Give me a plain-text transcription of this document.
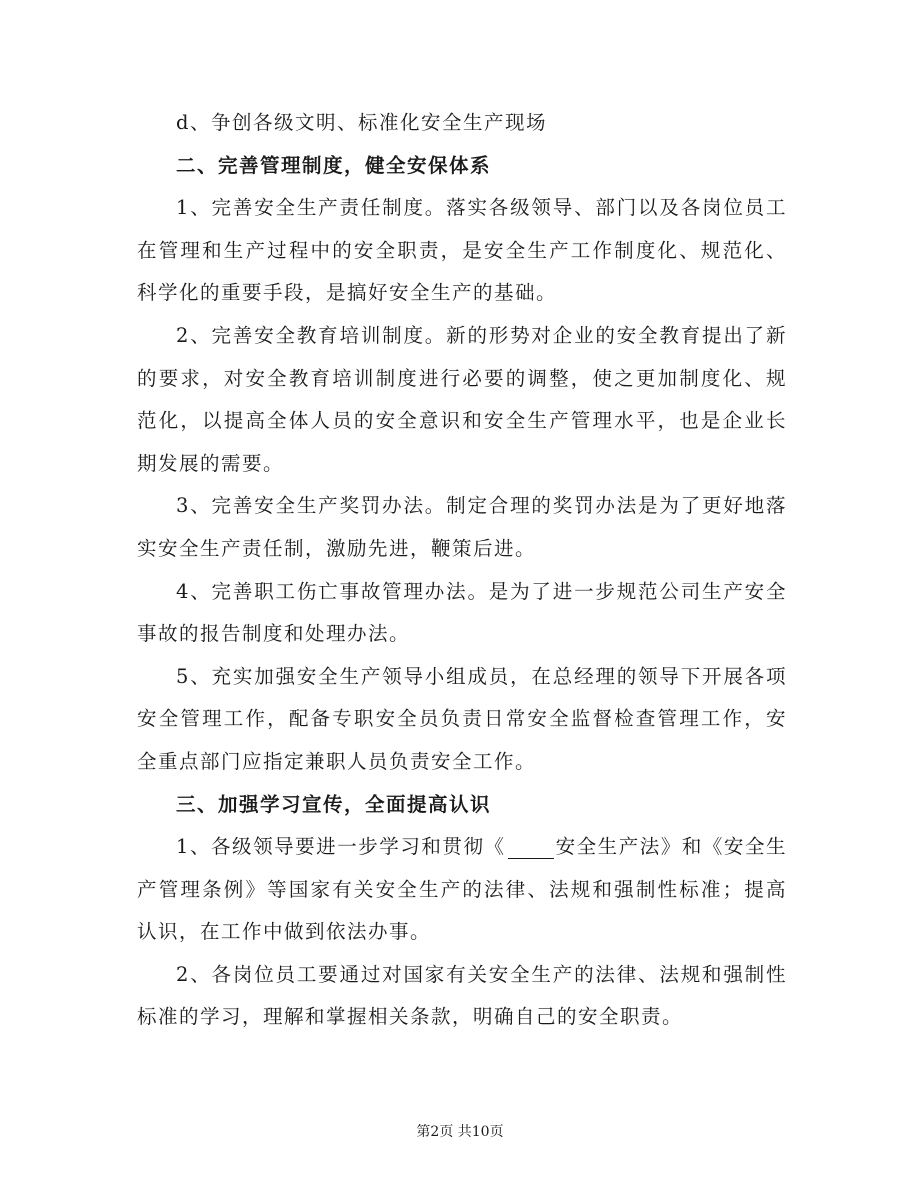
d、争创各级文明、标准化安全生产现场

二、完善管理制度，健全安保体系

1、完善安全生产责任制度。落实各级领导、部门以及各岗位员工在管理和生产过程中的安全职责，是安全生产工作制度化、规范化、科学化的重要手段，是搞好安全生产的基础。

2、完善安全教育培训制度。新的形势对企业的安全教育提出了新的要求，对安全教育培训制度进行必要的调整，使之更加制度化、规范化，以提高全体人员的安全意识和安全生产管理水平，也是企业长期发展的需要。

3、完善安全生产奖罚办法。制定合理的奖罚办法是为了更好地落实安全生产责任制，激励先进，鞭策后进。

4、完善职工伤亡事故管理办法。是为了进一步规范公司生产安全事故的报告制度和处理办法。

5、充实加强安全生产领导小组成员，在总经理的领导下开展各项安全管理工作，配备专职安全员负责日常安全监督检查管理工作，安全重点部门应指定兼职人员负责安全工作。

三、加强学习宣传，全面提高认识

1、各级领导要进一步学习和贯彻《	安全生产法》和《安全生产管理条例》等国家有关安全生产的法律、法规和强制性标准；提高认识，在工作中做到依法办事。

2、各岗位员工要通过对国家有关安全生产的法律、法规和强制性标准的学习，理解和掌握相关条款，明确自己的安全职责。

第2页 共10页
